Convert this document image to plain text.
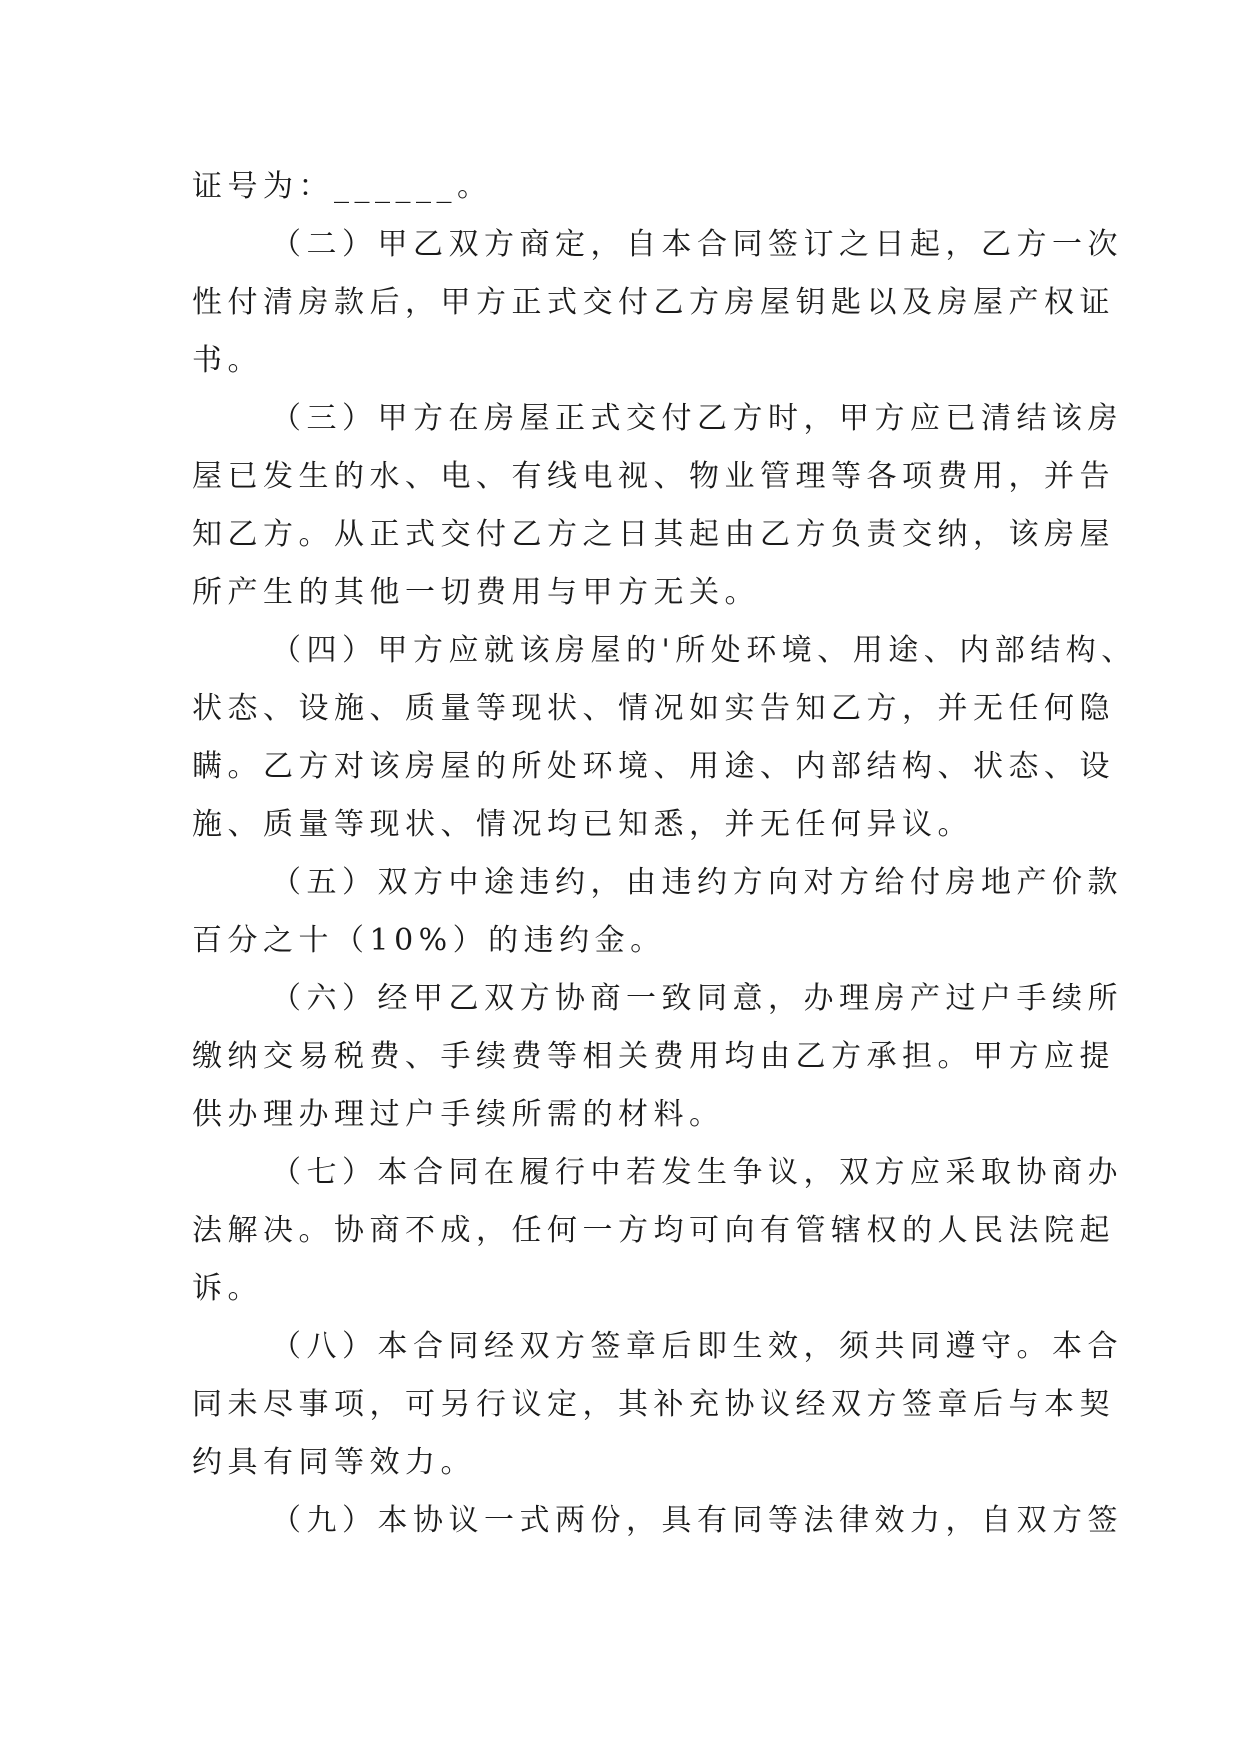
证号为：______。
（二）甲乙双方商定，自本合同签订之日起，乙方一次
性付清房款后，甲方正式交付乙方房屋钥匙以及房屋产权证
书。
（三）甲方在房屋正式交付乙方时，甲方应已清结该房
屋已发生的水、电、有线电视、物业管理等各项费用，并告
知乙方。从正式交付乙方之日其起由乙方负责交纳，该房屋
所产生的其他一切费用与甲方无关。
（四）甲方应就该房屋的'所处环境、用途、内部结构、
状态、设施、质量等现状、情况如实告知乙方，并无任何隐
瞒。乙方对该房屋的所处环境、用途、内部结构、状态、设
施、质量等现状、情况均已知悉，并无任何异议。
（五）双方中途违约，由违约方向对方给付房地产价款
百分之十（10%）的违约金。
（六）经甲乙双方协商一致同意，办理房产过户手续所
缴纳交易税费、手续费等相关费用均由乙方承担。甲方应提
供办理办理过户手续所需的材料。
（七）本合同在履行中若发生争议，双方应采取协商办
法解决。协商不成，任何一方均可向有管辖权的人民法院起
诉。
（八）本合同经双方签章后即生效，须共同遵守。本合
同未尽事项，可另行议定，其补充协议经双方签章后与本契
约具有同等效力。
（九）本协议一式两份，具有同等法律效力，自双方签
